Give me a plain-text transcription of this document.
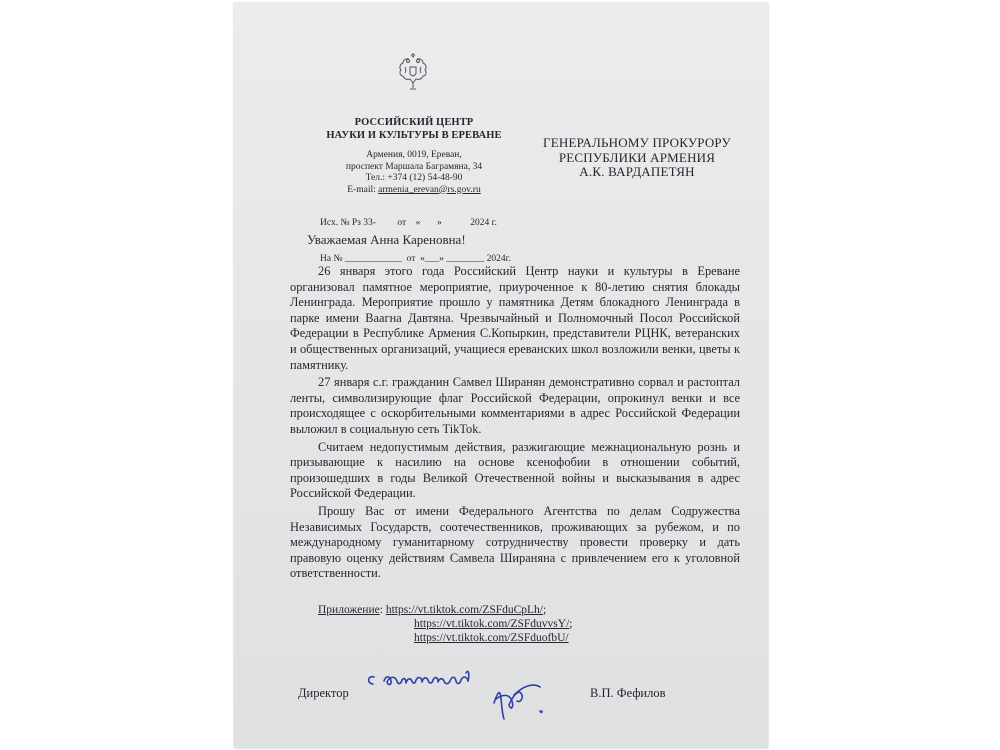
РОССИЙСКИЙ ЦЕНТР
НАУКИ И КУЛЬТУРЫ В ЕРЕВАНЕ
Армения, 0019, Ереван,
проспект Маршала Баграмяна, 34
Тел.: +374 (12) 54-48-90
E-mail: armenia_erevan@rs.gov.ru

Исх. № Рз 33-         от    «       »            2024 г.

На № ____________  от  «___» ________ 2024г.

ГЕНЕРАЛЬНОМУ ПРОКУРОРУ
РЕСПУБЛИКИ АРМЕНИЯ
А.К. ВАРДАПЕТЯН
Уважаемая Анна Кареновна!

26 января этого года Российский Центр науки и культуры в Ереване организовал памятное мероприятие, приуроченное к 80-летию снятия блокады Ленинграда. Мероприятие прошло у памятника Детям блокадного Ленинграда в парке имени Ваагна Давтяна. Чрезвычайный и Полномочный Посол Российской Федерации в Республике Армения С.Копыркин, представители РЦНК, ветеранских и общественных организаций, учащиеся ереванских школ возложили венки, цветы к памятнику.

27 января с.г. гражданин Самвел Ширанян демонстративно сорвал и растоптал ленты, символизирующие флаг Российской Федерации, опрокинул венки и все происходящее с оскорбительными комментариями в адрес Российской Федерации выложил в социальную сеть TikTok.

Считаем недопустимым действия, разжигающие межнациональную рознь и призывающие к насилию на основе ксенофобии в отношении событий, произошедших в годы Великой Отечественной войны и высказывания в адрес Российской Федерации.

Прошу Вас от имени Федерального Агентства по делам Содружества Независимых Государств, соотечественников, проживающих за рубежом, и по международному гуманитарному сотрудничеству провести проверку и дать правовую оценку действиям Самвела Ширaняна с привлечением его к уголовной ответственности.

Приложение: https://vt.tiktok.com/ZSFduCpLh/;
https://vt.tiktok.com/ZSFduvvsY/;
https://vt.tiktok.com/ZSFduofbU/
Директор	В.П. Фефилов
